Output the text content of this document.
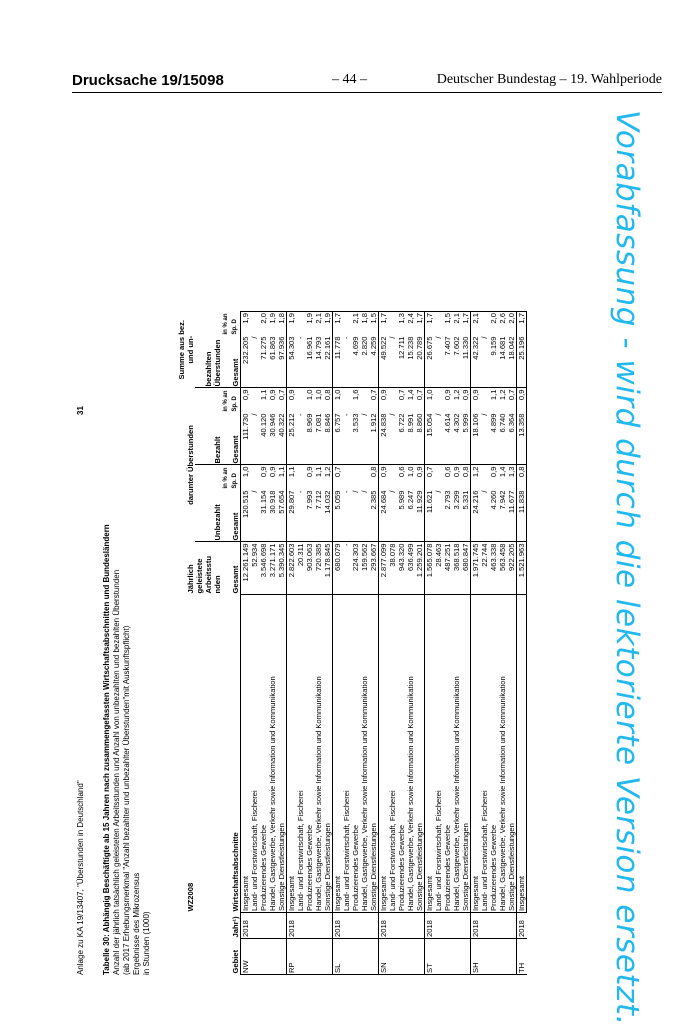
Drucksache 19/15098	– 44 –	Deutscher Bundestag – 19. Wahlperiode
Anlage zu KA 19/13407, "Überstunden in Deutschland"
31
Tabelle 30: Abhängig Beschäftigte ab 15 Jahren nach zusammengefassten Wirtschaftsabschnitten und Bundesländern Anzahl der jährlich tatsächlich geleisteten Arbeitsstunden und Anzahl von unbezahlten und bezahlten Überstunden (ab 2017 Erhebungsmerkmal "Anzahl bezahlter und unbezahlter Überstunden"mit Auskunftspflicht) Ergebnisse des Mikrozensus in Stunden (1000)	Gebiet	Jahr¹)	WZ2008	Jährlich	darunter Überstunden				Summe aus bez. und un-	
			geleistete Arbeitsstu nden	Unbezahlt		Bezahlt		bezahlten Überstunden	
		Wirtschaftsabschnitte	Gesamt	Gesamt	in % an Sp. D	Gesamt	in % an Sp. D	Gesamt	in % an Sp. D
NW	2018	Insgesamt	12.261.149	120.515	1,0	111.730	0,9	232.205	1,9
		Land- und Forstwirtschaft, Fischerei	52.934	/		/		/	
		Produzierendes Gewerbe	3.546.698	31.154	0,9	40.120	1,1	71.275	2,0
		Handel, Gastgewerbe, Verkehr sowie Information und Kommunikation	3.271.171	30.918	0,9	30.946	0,9	61.863	1,9
		Sonstige Dienstleistungen	5.390.345	57.654	1,1	40.322	0,7	97.936	1,8
RP	2018	Insgesamt	2.822.603	29.807	1,1	25.212	0,9	54.303	1,9
		Land- und Forstwirtschaft, Fischerei	20.311	-		-		-	
		Produzierendes Gewerbe	903.063	7.993	0,9	8.969	1,0	16.961	1,9
		Handel, Gastgewerbe, Verkehr sowie Information und Kommunikation	720.385	7.712	1,1	7.081	1,0	14.793	2,1
		Sonstige Dienstleistungen	1.178.845	14.032	1,2	8.846	0,8	22.161	1,9
SL	2018	Insgesamt	680.079	5.059	0,7	6.757	1,0	11.778	1,7
		Land- und Forstwirtschaft, Fischerei	-	-		-		-	
		Produzierendes Gewerbe	224.303	/		3.533	1,6	4.699	2,1
		Handel, Gastgewerbe, Verkehr sowie Information und Kommunikation	159.562	/		/		2.820	1,8
		Sonstige Dienstleistungen	293.667	2.385	0,8	1.912	0,7	4.259	1,5
SN	2018	Insgesamt	2.877.099	24.684	0,9	24.838	0,9	49.522	1,7
		Land- und Forstwirtschaft, Fischerei	38.078	/		/		/	
		Produzierendes Gewerbe	943.320	5.989	0,6	6.722	0,7	12.711	1,3
		Handel, Gastgewerbe, Verkehr sowie Information und Kommunikation	636.499	6.247	1,0	8.991	1,4	15.238	2,4
		Sonstige Dienstleistungen	1.259.201	11.929	0,9	8.860	0,7	20.789	1,7
ST	2018	Insgesamt	1.565.078	11.621	0,7	15.054	1,0	26.675	1,7
		Land- und Forstwirtschaft, Fischerei	28.463	/		/		/	
		Produzierendes Gewerbe	487.251	2.793	0,6	4.614	0,9	7.407	1,5
		Handel, Gastgewerbe, Verkehr sowie Information und Kommunikation	368.518	3.299	0,9	4.302	1,2	7.602	2,1
		Sonstige Dienstleistungen	680.847	5.331	0,8	5.999	0,9	11.330	1,7
SH	2018	Insgesamt	1.971.745	24.216	1,2	18.106	0,9	42.322	2,1
		Land- und Forstwirtschaft, Fischerei	22.744	/		/		/	
		Produzierendes Gewerbe	463.338	4.260	0,9	4.899	1,1	9.159	2,0
		Handel, Gastgewerbe, Verkehr sowie Information und Kommunikation	563.458	7.942	1,4	6.740	1,2	14.681	2,6
		Sonstige Dienstleistungen	922.205	11.677	1,3	6.364	0,7	18.042	2,0
TH	2018	Insgesamt	1.521.963	11.838	0,8	13.358	0,9	25.196	1,7	Vorabfassung - wird durch die lektorierte Version ersetzt.
